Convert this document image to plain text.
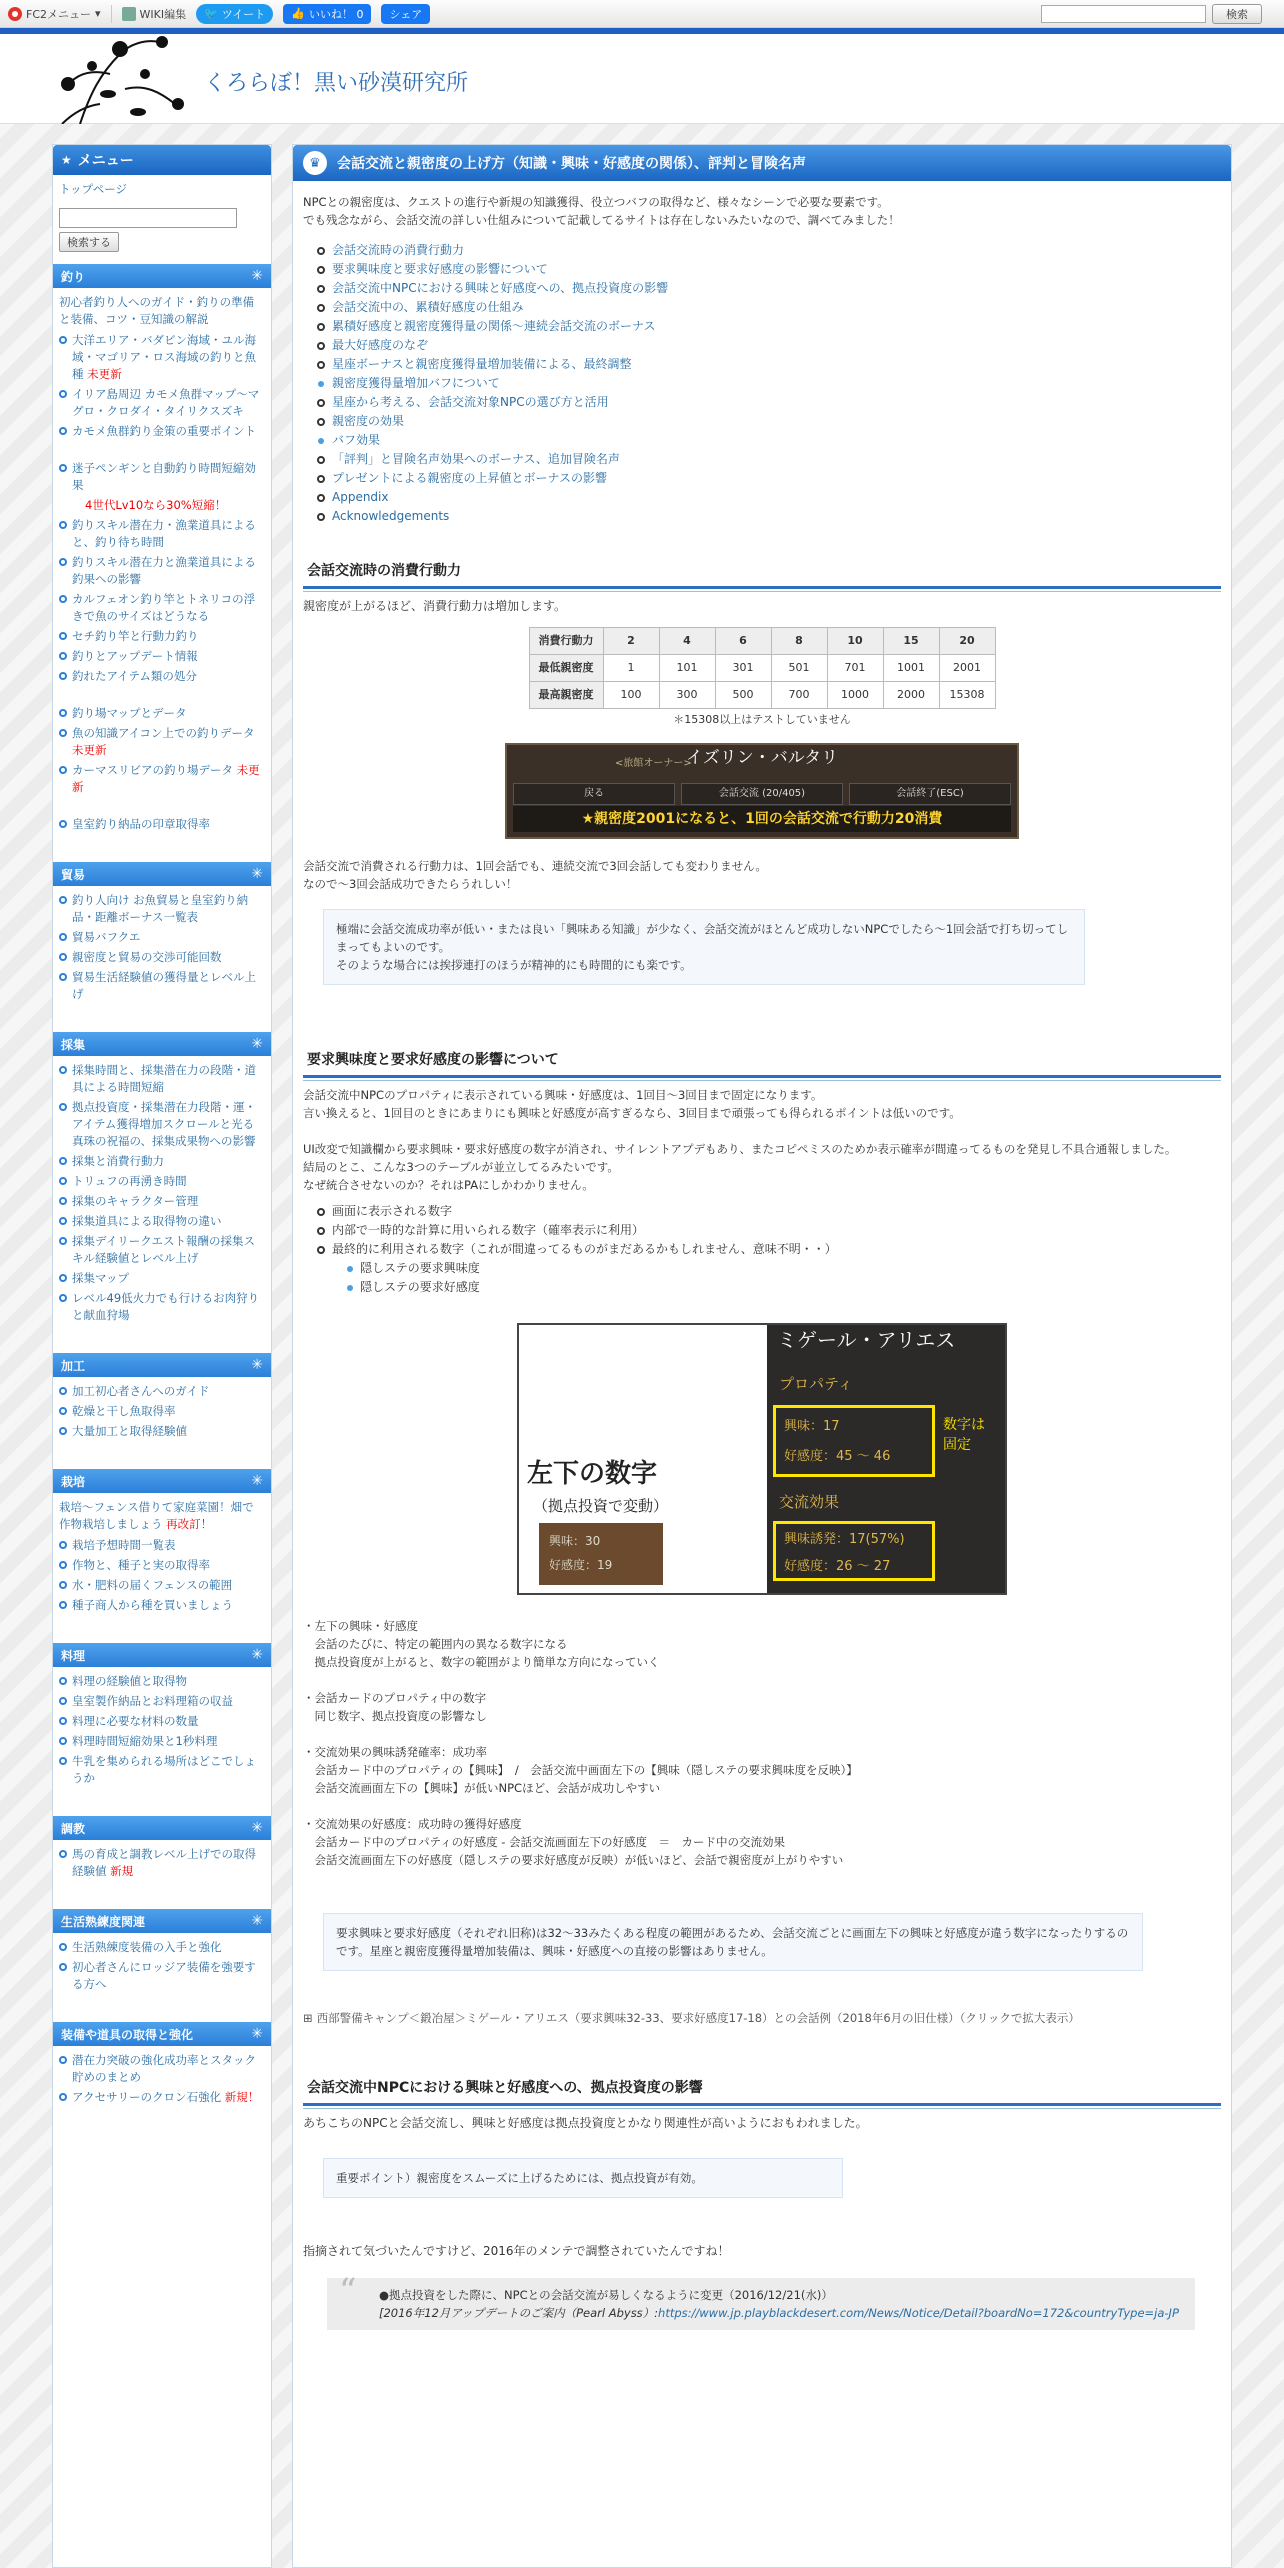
FC2メニュー ▾	WIKI編集 🐦 ツイート 👍 いいね！ 0 シェア	検索
くろらぼ！黒い砂漠研究所
★ メニュー
トップページ
検索する
釣り	✳
初心者釣り人へのガイド・釣りの準備と装備、コツ・豆知識の解説
大洋エリア・バダビン海域・ユル海域・マゴリア・ロス海域の釣りと魚種 未更新
イリア島周辺 カモメ魚群マップ～マグロ・クロダイ・タイリクスズキ
カモメ魚群釣り金策の重要ポイント
迷子ペンギンと自動釣り時間短縮効果
4世代Lv10なら30%短縮！
釣りスキル潜在力・漁業道具によると、釣り待ち時間
釣りスキル潜在力と漁業道具による釣果への影響
カルフェオン釣り竿とトネリコの浮きで魚のサイズはどうなる
セチ釣り竿と行動力釣り
釣りとアップデート情報
釣れたアイテム類の処分
釣り場マップとデータ
魚の知識アイコン上での釣りデータ 未更新
カーマスリビアの釣り場データ 未更新
皇室釣り納品の印章取得率
貿易	✳
釣り人向け お魚貿易と皇室釣り納品・距離ボーナス一覧表
貿易バフクエ
親密度と貿易の交渉可能回数
貿易生活経験値の獲得量とレベル上げ
採集	✳
採集時間と、採集潜在力の段階・道具による時間短縮
拠点投資度・採集潜在力段階・運・アイテム獲得増加スクロールと光る真珠の祝福の、採集成果物への影響
採集と消費行動力
トリュフの再湧き時間
採集のキャラクター管理
採集道具による取得物の違い
採集デイリークエスト報酬の採集スキル経験値とレベル上げ
採集マップ
レベル49低火力でも行けるお肉狩りと献血狩場
加工	✳
加工初心者さんへのガイド
乾燥と干し魚取得率
大量加工と取得経験値
栽培	✳
栽培～フェンス借りて家庭菜園！畑で作物栽培しましょう 再改訂！
栽培予想時間一覧表
作物と、種子と実の取得率
水・肥料の届くフェンスの範囲
種子商人から種を買いましょう
料理	✳
料理の経験値と取得物
皇室製作納品とお料理箱の収益
料理に必要な材料の数量
料理時間短縮効果と1秒料理
牛乳を集められる場所はどこでしょうか
調教	✳
馬の育成と調教レベル上げでの取得経験値 新規
生活熟練度関連	✳
生活熟練度装備の入手と強化
初心者さんにロッジア装備を強要する方へ
装備や道具の取得と強化	✳
潜在力突破の強化成功率とスタック貯めのまとめ
アクセサリーのクロン石強化 新規！
♛	会話交流と親密度の上げ方（知識・興味・好感度の関係）、評判と冒険名声
NPCとの親密度は、クエストの進行や新規の知識獲得、役立つバフの取得など、様々なシーンで必要な要素です。
でも残念ながら、会話交流の詳しい仕組みについて記載してるサイトは存在しないみたいなので、調べてみました！
会話交流時の消費行動力
要求興味度と要求好感度の影響について
会話交流中NPCにおける興味と好感度への、拠点投資度の影響
会話交流中の、累積好感度の仕組み
累積好感度と親密度獲得量の関係～連続会話交流のボーナス
最大好感度のなぞ
星座ボーナスと親密度獲得量増加装備による、最終調整
親密度獲得量増加バフについて
星座から考える、会話交流対象NPCの選び方と活用
親密度の効果
バフ効果
「評判」と冒険名声効果へのボーナス、追加冒険名声
プレゼントによる親密度の上昇値とボーナスの影響
Appendix
Acknowledgements
会話交流時の消費行動力
親密度が上がるほど、消費行動力は増加します。
消費行動力	2	4	6	8	10	15	20
最低親密度	1	101	301	501	701	1001	2001
最高親密度	100	300	500	700	1000	2000	15308
＊15308以上はテストしていません
<旅館オーナー>
イズリン・バルタリ
戻る	会話交流 (20/405)	会話終了(ESC)
★親密度2001になると、1回の会話交流で行動力20消費
会話交流で消費される行動力は、1回会話でも、連続交流で3回会話しても変わりません。
なので～3回会話成功できたらうれしい！
極端に会話交流成功率が低い・または良い「興味ある知識」が少なく、会話交流がほとんど成功しないNPCでしたら～1回会話で打ち切ってしまってもよいのです。
そのような場合には挨拶連打のほうが精神的にも時間的にも楽です。
要求興味度と要求好感度の影響について
会話交流中NPCのプロパティに表示されている興味・好感度は、1回目～3回目まで固定になります。
言い換えると、1回目のときにあまりにも興味と好感度が高すぎるなら、3回目まで頑張っても得られるポイントは低いのです。

UI改変で知識欄から要求興味・要求好感度の数字が消され、サイレントアプデもあり、またコピペミスのためか表示確率が間違ってるものを発見し不具合通報しました。
結局のとこ、こんな3つのテーブルが並立してるみたいです。
なぜ統合させないのか？それはPAにしかわかりません。
画面に表示される数字
内部で一時的な計算に用いられる数字（確率表示に利用）
最終的に利用される数字（これが間違ってるものがまだあるかもしれません、意味不明・・）
隠しステの要求興味度
隠しステの要求好感度
左下の数字
（拠点投資で変動）
興味：30
好感度：19
ミゲール・アリエス
プロパティ
興味：17
好感度：45 ～ 46
数字は
固定
交流効果
興味誘発：17(57%)
好感度：26 ～ 27
・左下の興味・好感度
　会話のたびに、特定の範囲内の異なる数字になる
　拠点投資度が上がると、数字の範囲がより簡単な方向になっていく

・会話カードのプロパティ中の数字
　同じ数字、拠点投資度の影響なし

・交流効果の興味誘発確率：成功率
　会話カード中のプロパティの【興味】　/　会話交流中画面左下の【興味（隠しステの要求興味度を反映）】
　会話交流画面左下の【興味】が低いNPCほど、会話が成功しやすい

・交流効果の好感度：成功時の獲得好感度
　会話カード中のプロパティの好感度 - 会話交流画面左下の好感度　＝　カード中の交流効果
　会話交流画面左下の好感度（隠しステの要求好感度が反映）が低いほど、会話で親密度が上がりやすい
要求興味と要求好感度（それぞれ旧称)は32～33みたくある程度の範囲があるため、会話交流ごとに画面左下の興味と好感度が違う数字になったりするのです。星座と親密度獲得量増加装備は、興味・好感度への直接の影響はありません。
⊞ 西部警備キャンプ＜鍛冶屋＞ミゲール・アリエス（要求興味32-33、要求好感度17-18）との会話例（2018年6月の旧仕様）（クリックで拡大表示）
会話交流中NPCにおける興味と好感度への、拠点投資度の影響
あちこちのNPCと会話交流し、興味と好感度は拠点投資度とかなり関連性が高いようにおもわれました。
重要ポイント）親密度をスムーズに上げるためには、拠点投資が有効。
指摘されて気づいたんですけど、2016年のメンテで調整されていたんですね！
“ ●拠点投資をした際に、NPCとの会話交流が易しくなるように変更（2016/12/21(水)）
[2016年12月アップデートのご案内（Pearl Abyss）:https://www.jp.playblackdesert.com/News/Notice/Detail?boardNo=172&countryType=ja-JP
